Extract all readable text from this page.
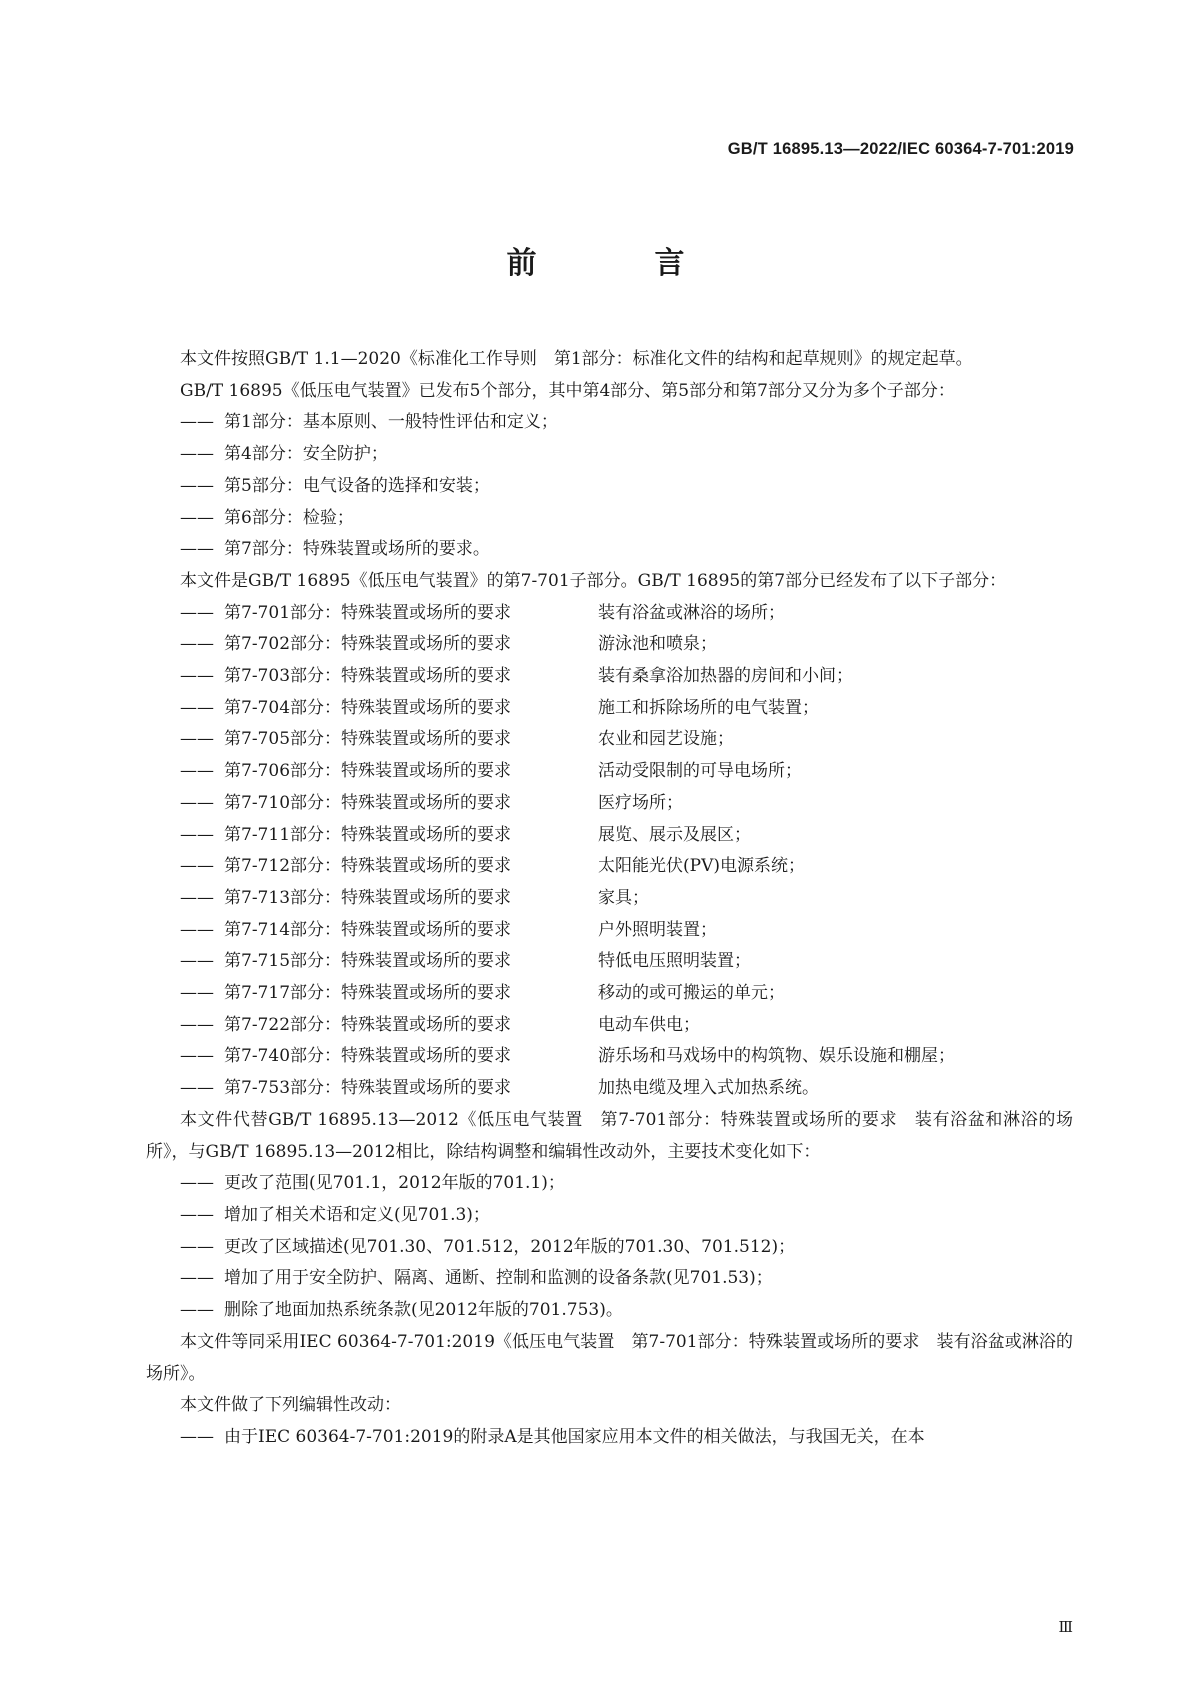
GB/T 16895.13—2022/IEC 60364-7-701:2019
前　言

本文件按照GB/T 1.1—2020《标准化工作导则　第1部分：标准化文件的结构和起草规则》的规定起草。

GB/T 16895《低压电气装置》已发布5个部分，其中第4部分、第5部分和第7部分又分为多个子部分：

—— 第1部分：基本原则、一般特性评估和定义；

—— 第4部分：安全防护；

—— 第5部分：电气设备的选择和安装；

—— 第6部分：检验；

—— 第7部分：特殊装置或场所的要求。

本文件是GB/T 16895《低压电气装置》的第7-701子部分。GB/T 16895的第7部分已经发布了以下子部分：

—— 第7-701部分：特殊装置或场所的要求	装有浴盆或淋浴的场所；

—— 第7-702部分：特殊装置或场所的要求	游泳池和喷泉；

—— 第7-703部分：特殊装置或场所的要求	装有桑拿浴加热器的房间和小间；

—— 第7-704部分：特殊装置或场所的要求	施工和拆除场所的电气装置；

—— 第7-705部分：特殊装置或场所的要求	农业和园艺设施；

—— 第7-706部分：特殊装置或场所的要求	活动受限制的可导电场所；

—— 第7-710部分：特殊装置或场所的要求	医疗场所；

—— 第7-711部分：特殊装置或场所的要求	展览、展示及展区；

—— 第7-712部分：特殊装置或场所的要求	太阳能光伏(PV)电源系统；

—— 第7-713部分：特殊装置或场所的要求	家具；

—— 第7-714部分：特殊装置或场所的要求	户外照明装置；

—— 第7-715部分：特殊装置或场所的要求	特低电压照明装置；

—— 第7-717部分：特殊装置或场所的要求	移动的或可搬运的单元；

—— 第7-722部分：特殊装置或场所的要求	电动车供电；

—— 第7-740部分：特殊装置或场所的要求	游乐场和马戏场中的构筑物、娱乐设施和棚屋；

—— 第7-753部分：特殊装置或场所的要求	加热电缆及埋入式加热系统。

本文件代替GB/T 16895.13—2012《低压电气装置　第7-701部分：特殊装置或场所的要求　装有浴盆和淋浴的场所》，与GB/T 16895.13—2012相比，除结构调整和编辑性改动外，主要技术变化如下：

—— 更改了范围(见701.1，2012年版的701.1)；

—— 增加了相关术语和定义(见701.3)；

—— 更改了区域描述(见701.30、701.512，2012年版的701.30、701.512)；

—— 增加了用于安全防护、隔离、通断、控制和监测的设备条款(见701.53)；

—— 删除了地面加热系统条款(见2012年版的701.753)。

本文件等同采用IEC 60364-7-701:2019《低压电气装置　第7-701部分：特殊装置或场所的要求　装有浴盆或淋浴的场所》。

本文件做了下列编辑性改动：

—— 由于IEC 60364-7-701:2019的附录A是其他国家应用本文件的相关做法，与我国无关，在本

Ⅲ
